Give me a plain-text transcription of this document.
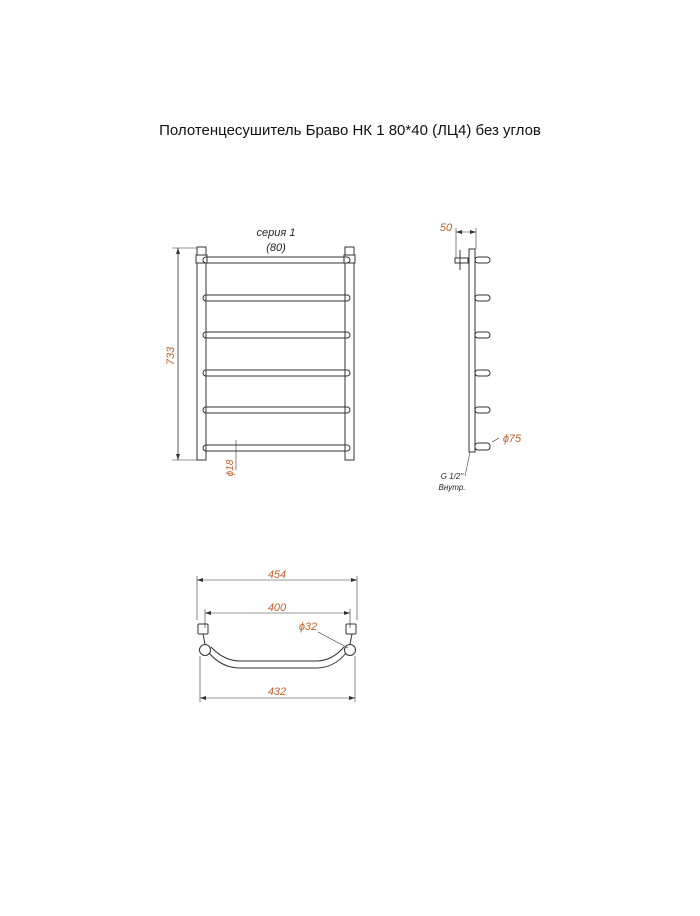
Полотенцесушитель Браво НК 1 80*40 (ЛЦ4) без углов
серия 1
(80)
733
ϕ18
50
ϕ75
G 1/2"
Внутр.
454
400
ϕ32
432
